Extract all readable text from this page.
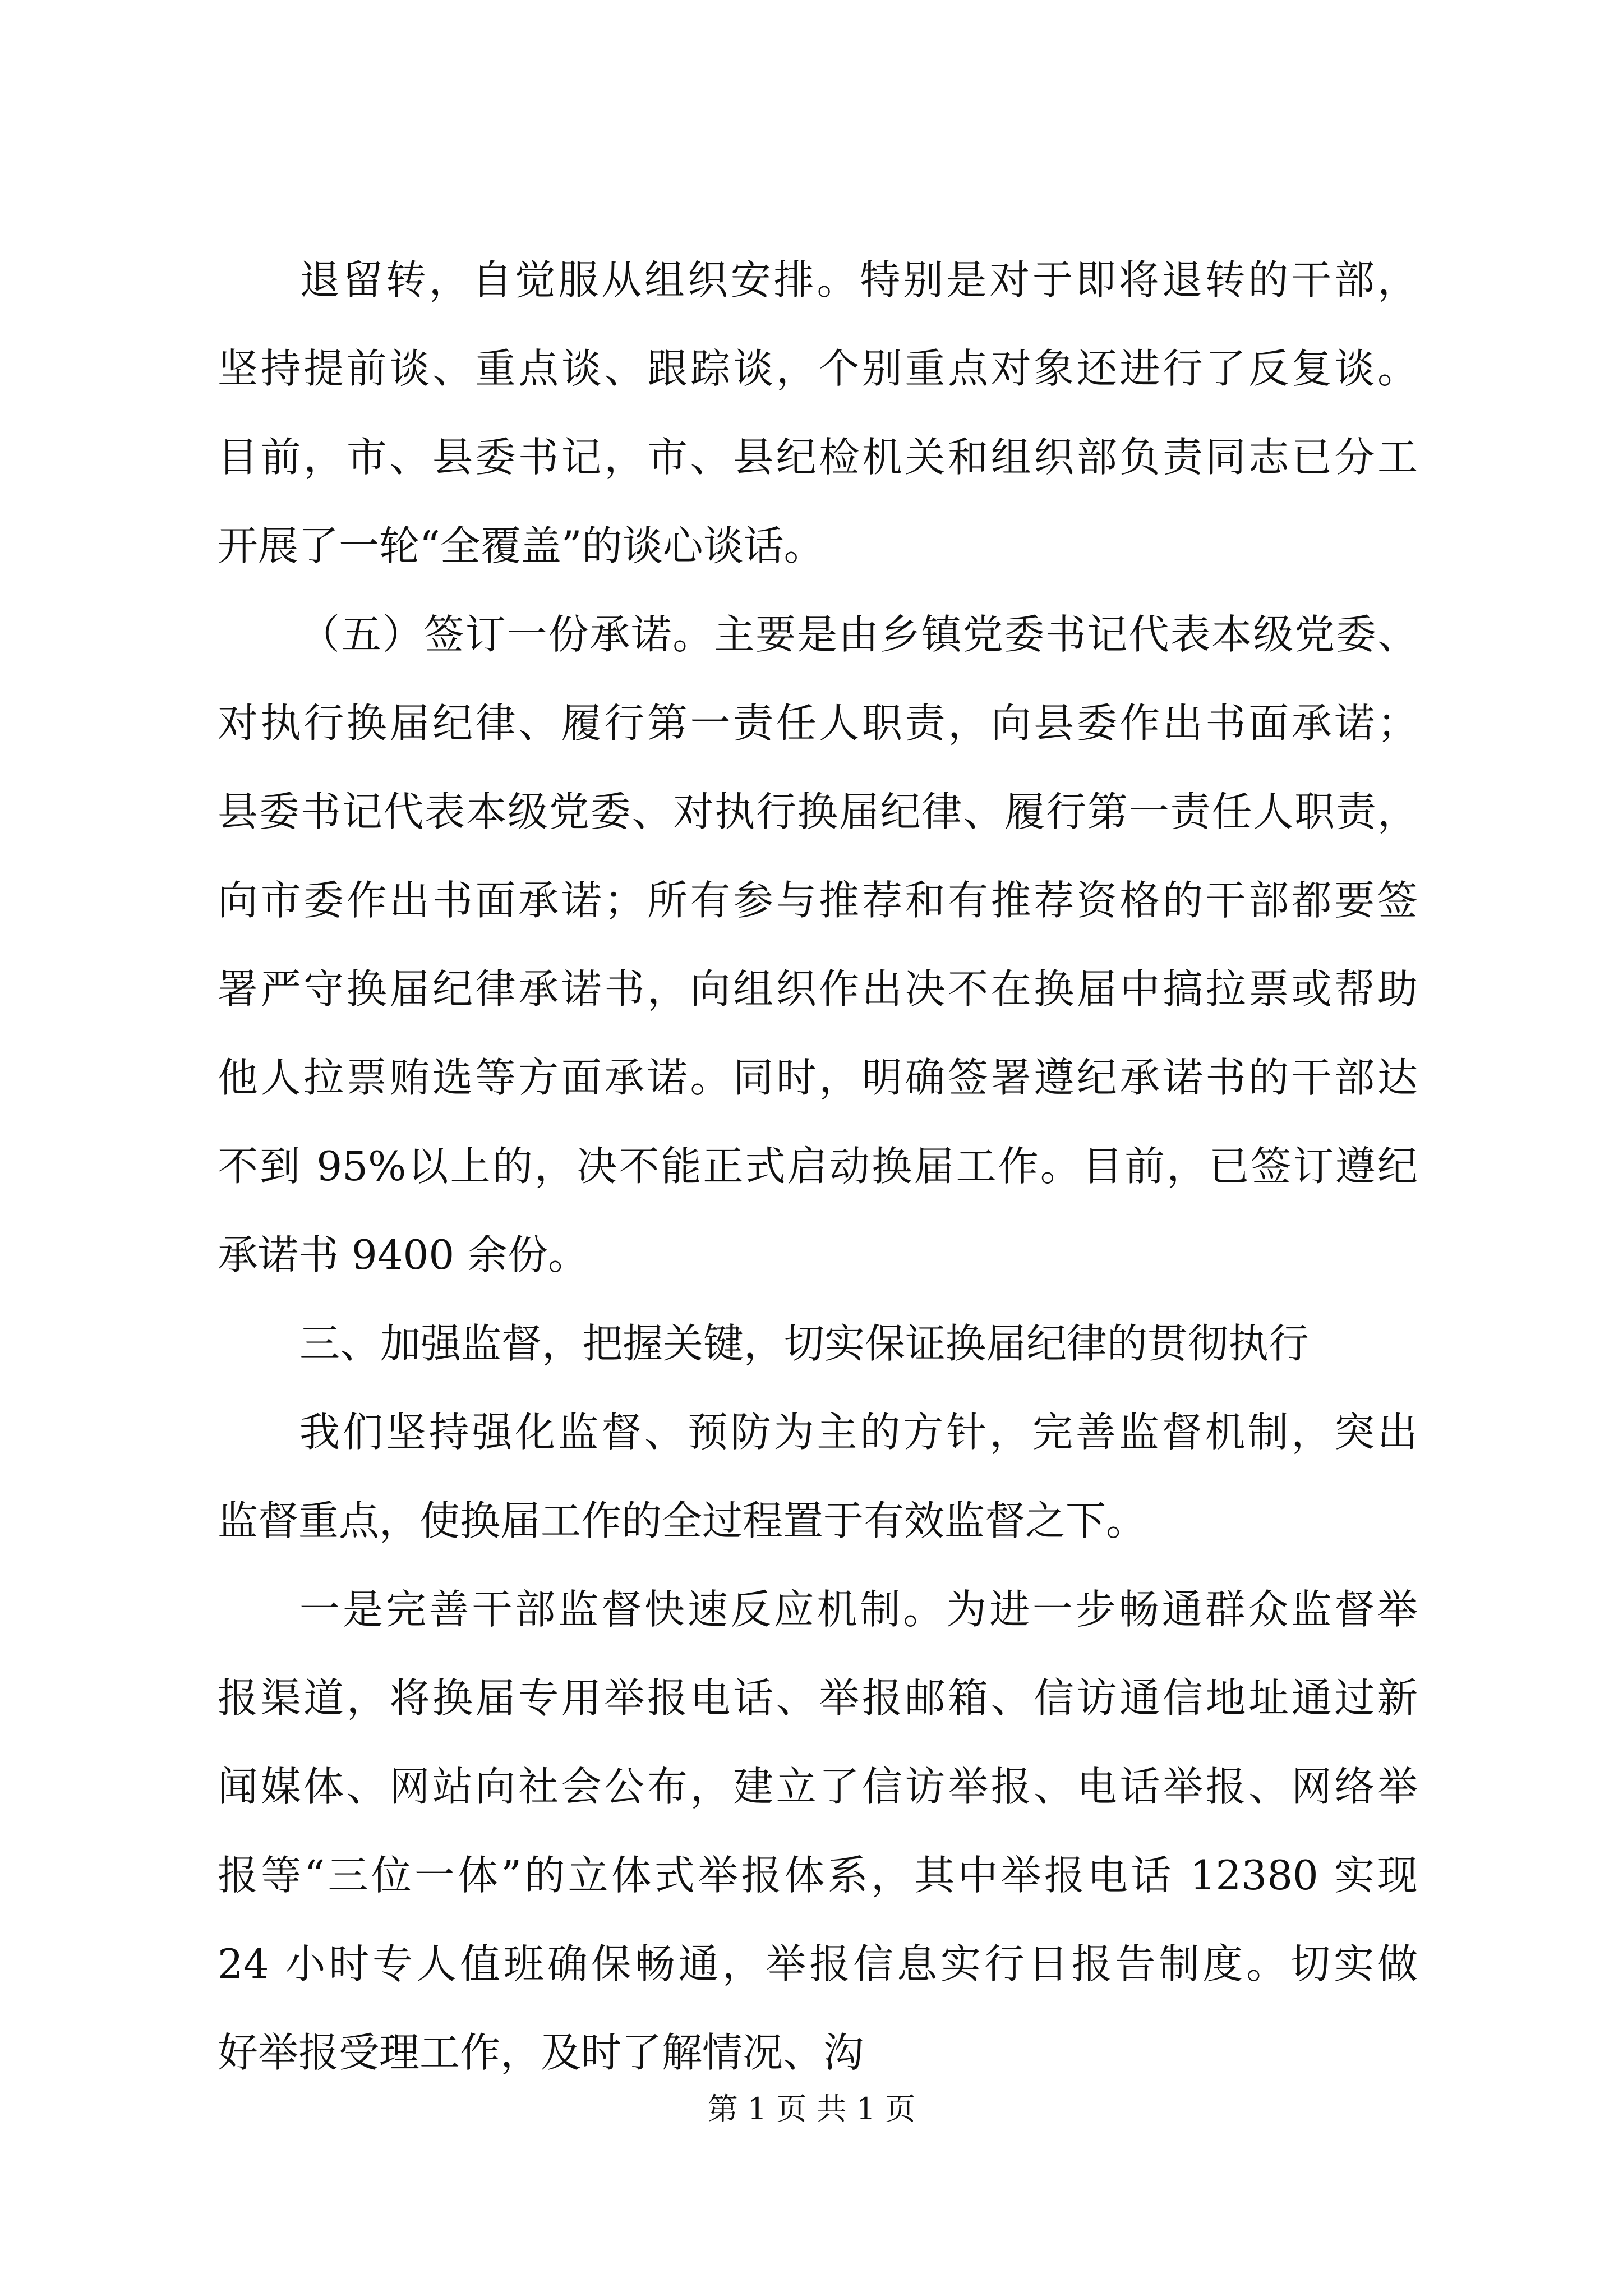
退留转，自觉服从组织安排。特别是对于即将退转的干部，
坚持提前谈、重点谈、跟踪谈，个别重点对象还进行了反复谈。
目前，市、县委书记，市、县纪检机关和组织部负责同志已分工
开展了一轮“全覆盖”的谈心谈话。
（五）签订一份承诺。主要是由乡镇党委书记代表本级党委、
对执行换届纪律、履行第一责任人职责，向县委作出书面承诺；
县委书记代表本级党委、对执行换届纪律、履行第一责任人职责，
向市委作出书面承诺；所有参与推荐和有推荐资格的干部都要签
署严守换届纪律承诺书，向组织作出决不在换届中搞拉票或帮助
他人拉票贿选等方面承诺。同时，明确签署遵纪承诺书的干部达
不到 95%以上的，决不能正式启动换届工作。目前，已签订遵纪
承诺书 9400 余份。
三、加强监督，把握关键，切实保证换届纪律的贯彻执行
我们坚持强化监督、预防为主的方针，完善监督机制，突出
监督重点，使换届工作的全过程置于有效监督之下。
一是完善干部监督快速反应机制。为进一步畅通群众监督举
报渠道，将换届专用举报电话、举报邮箱、信访通信地址通过新
闻媒体、网站向社会公布，建立了信访举报、电话举报、网络举
报等“三位一体”的立体式举报体系，其中举报电话 12380 实现
24 小时专人值班确保畅通，举报信息实行日报告制度。切实做
好举报受理工作，及时了解情况、沟
第 1 页 共 1 页
